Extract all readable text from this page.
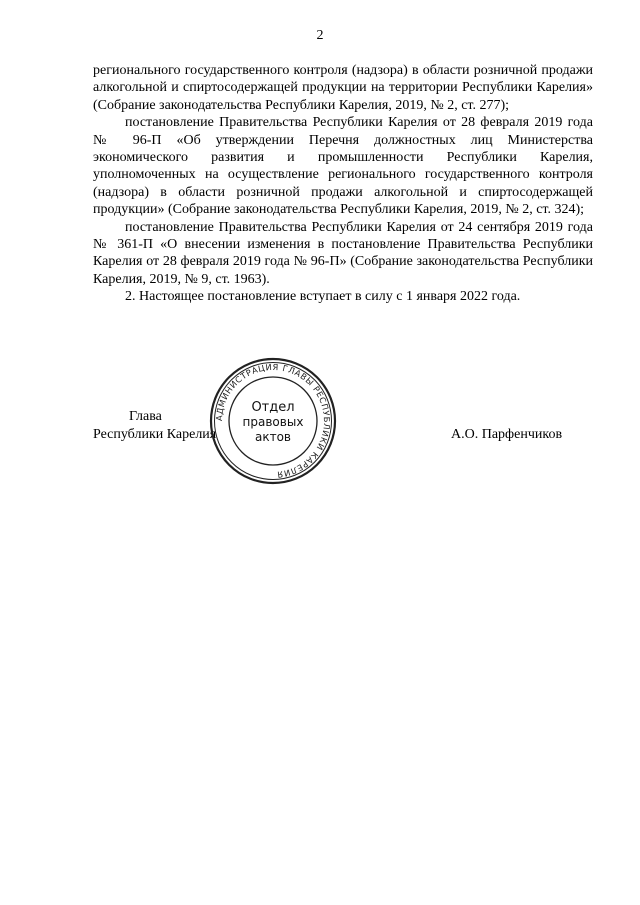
2

регионального государственного контроля (надзора) в области розничной продажи алкогольной и спиртосодержащей продукции на территории Республики Карелия» (Собрание законодательства Республики Карелия, 2019, № 2, ст. 277);

постановление Правительства Республики Карелия от 28 февраля 2019 года № 96-П «Об утверждении Перечня должностных лиц Министерства экономического развития и промышленности Республики Карелия, уполномоченных на осуществление регионального государственного контроля (надзора) в области розничной продажи алкогольной и спиртосодержащей продукции» (Собрание законодательства Республики Карелия, 2019, № 2, ст. 324);

постановление Правительства Республики Карелия от 24 сентября 2019 года № 361-П «О внесении изменения в постановление Правительства Республики Карелия от 28 февраля 2019 года № 96-П» (Собрание законодательства Республики Карелия, 2019, № 9, ст. 1963).

2. Настоящее постановление вступает в силу с 1 января 2022 года.

Глава
Республики Карелия	А.О. Парфенчиков
АДМИНИСТРАЦИЯ ГЛАВЫ РЕСПУБЛИКИ КАРЕЛИЯ
Отдел
правовых
актов
